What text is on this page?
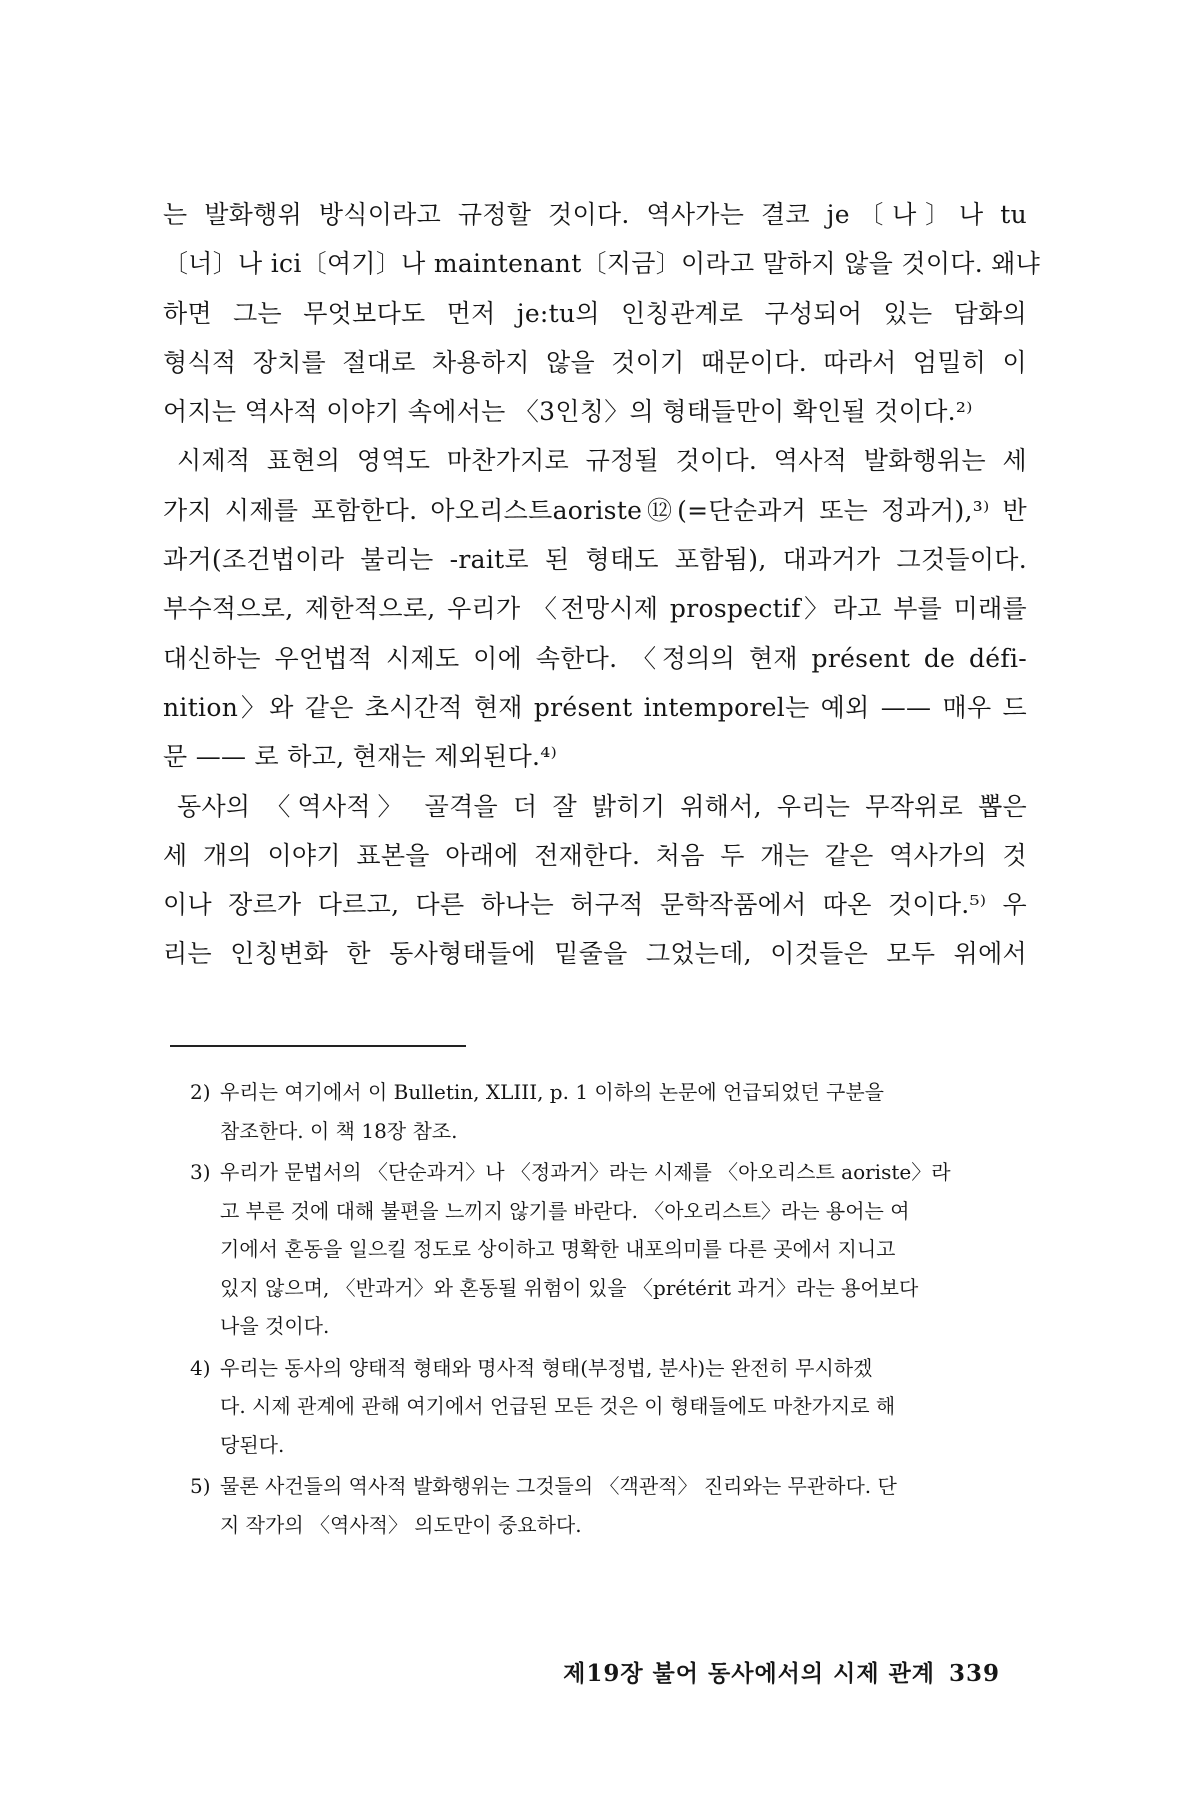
는 발화행위 방식이라고 규정할 것이다. 역사가는 결코 je〔나〕나 tu
〔너〕나 ici〔여기〕나 maintenant〔지금〕이라고 말하지 않을 것이다. 왜냐
하면 그는 무엇보다도 먼저 je:tu의 인칭관계로 구성되어 있는 담화의
형식적 장치를 절대로 차용하지 않을 것이기 때문이다. 따라서 엄밀히 이
어지는 역사적 이야기 속에서는 〈3인칭〉의 형태들만이 확인될 것이다.²⁾

시제적 표현의 영역도 마찬가지로 규정될 것이다. 역사적 발화행위는 세
가지 시제를 포함한다. 아오리스트aoriste⑫(=단순과거 또는 정과거),³⁾ 반
과거(조건법이라 불리는 -rait로 된 형태도 포함됨), 대과거가 그것들이다.
부수적으로, 제한적으로, 우리가 〈전망시제 prospectif〉라고 부를 미래를
대신하는 우언법적 시제도 이에 속한다. 〈정의의 현재 présent de défi-
nition〉와 같은 초시간적 현재 présent intemporel는 예외 —— 매우 드
문 —— 로 하고, 현재는 제외된다.⁴⁾

동사의 〈역사적〉 골격을 더 잘 밝히기 위해서, 우리는 무작위로 뽑은
세 개의 이야기 표본을 아래에 전재한다. 처음 두 개는 같은 역사가의 것
이나 장르가 다르고, 다른 하나는 허구적 문학작품에서 따온 것이다.⁵⁾ 우
리는 인칭변화 한 동사형태들에 밑줄을 그었는데, 이것들은 모두 위에서

2) 우리는 여기에서 이 Bulletin, XLIII, p. 1 이하의 논문에 언급되었던 구분을
참조한다. 이 책 18장 참조.
3) 우리가 문법서의 〈단순과거〉나 〈정과거〉라는 시제를 〈아오리스트 aoriste〉라
고 부른 것에 대해 불편을 느끼지 않기를 바란다. 〈아오리스트〉라는 용어는 여
기에서 혼동을 일으킬 정도로 상이하고 명확한 내포의미를 다른 곳에서 지니고
있지 않으며, 〈반과거〉와 혼동될 위험이 있을 〈prétérit 과거〉라는 용어보다
나을 것이다.
4) 우리는 동사의 양태적 형태와 명사적 형태(부정법, 분사)는 완전히 무시하겠
다. 시제 관계에 관해 여기에서 언급된 모든 것은 이 형태들에도 마찬가지로 해
당된다.
5) 물론 사건들의 역사적 발화행위는 그것들의 〈객관적〉 진리와는 무관하다. 단
지 작가의 〈역사적〉 의도만이 중요하다.
제19장 불어 동사에서의 시제 관계 339
